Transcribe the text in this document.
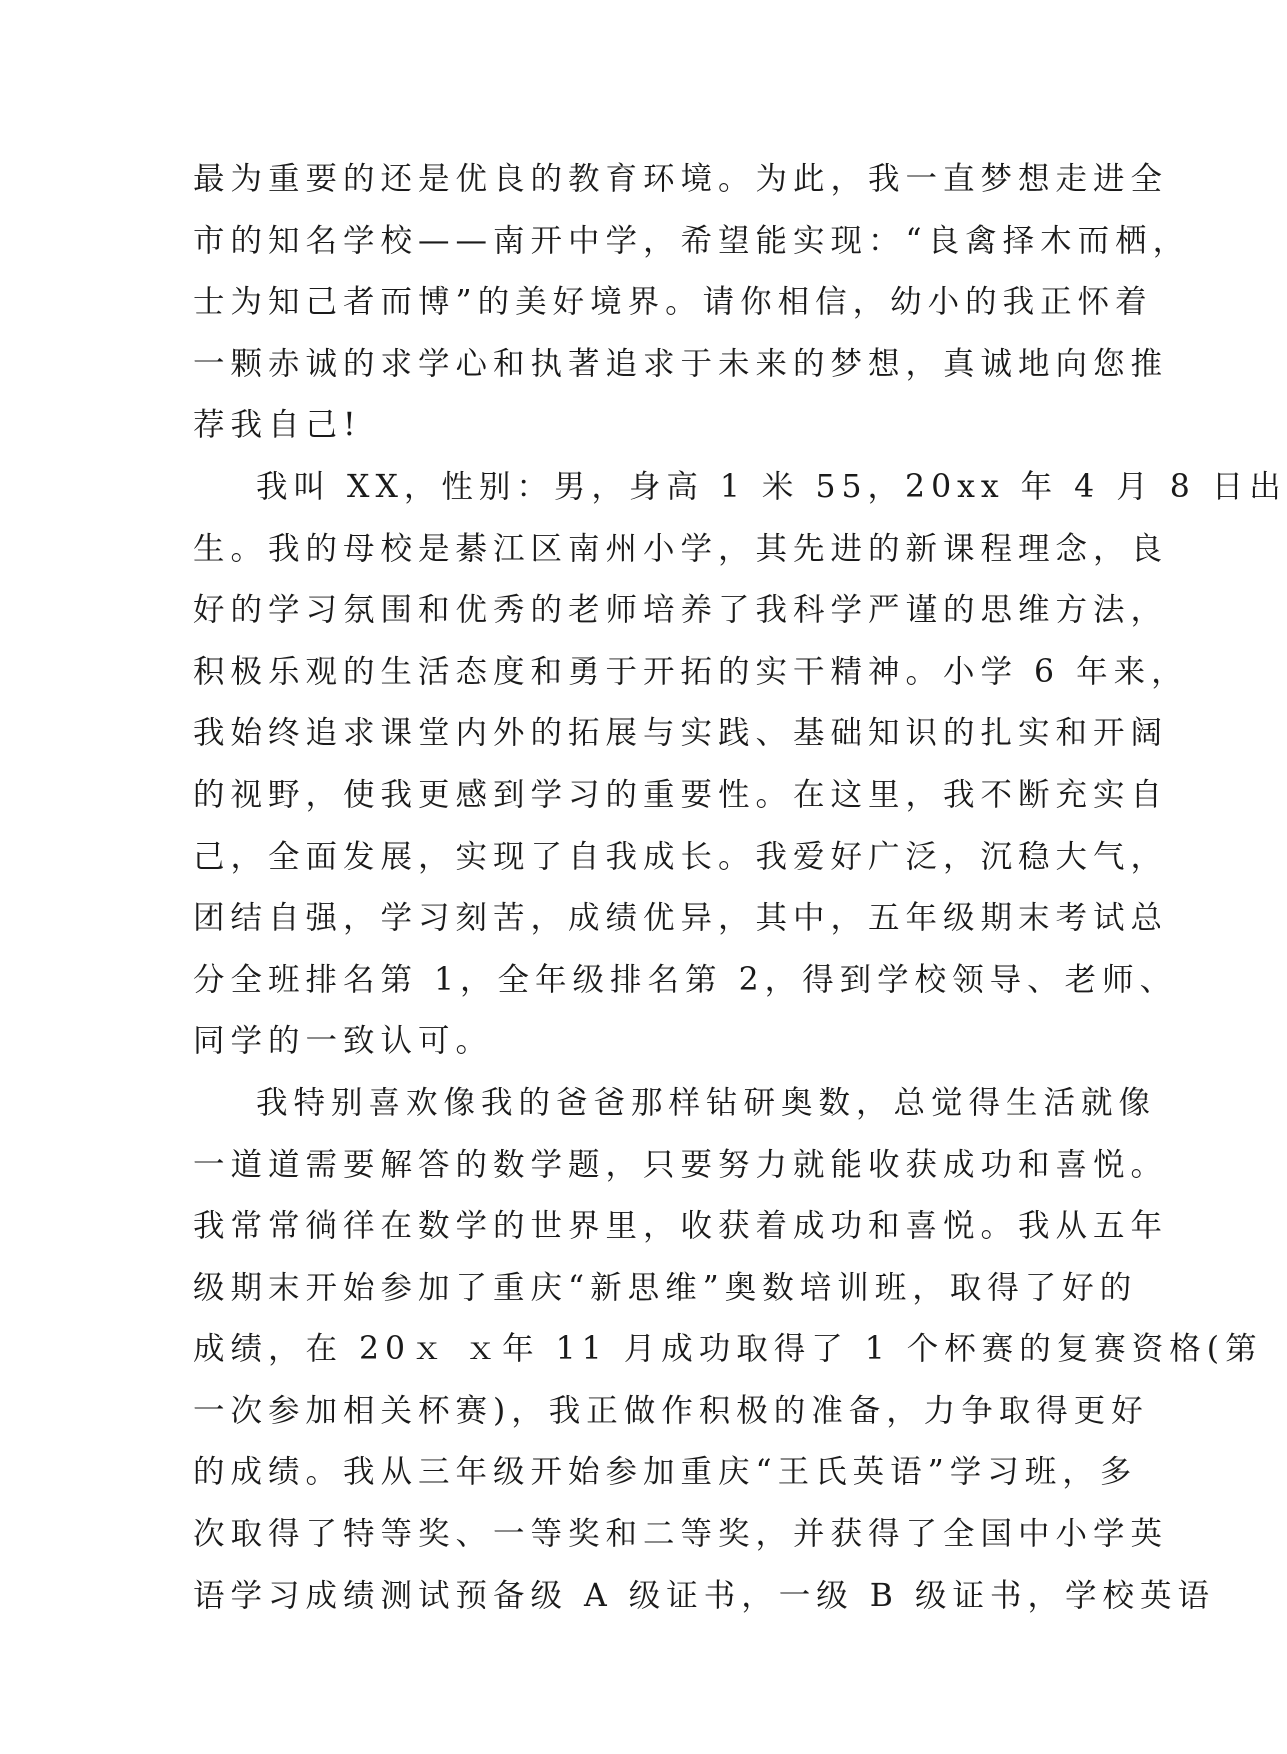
最为重要的还是优良的教育环境。为此，我一直梦想走进全
市的知名学校——南开中学，希望能实现：“良禽择木而栖，
士为知己者而博”的美好境界。请你相信，幼小的我正怀着
一颗赤诚的求学心和执著追求于未来的梦想，真诚地向您推
荐我自己!
我叫 XX，性别：男，身高 1 米 55，20xx 年 4 月 8 日出
生。我的母校是綦江区南州小学，其先进的新课程理念，良
好的学习氛围和优秀的老师培养了我科学严谨的思维方法，
积极乐观的生活态度和勇于开拓的实干精神。小学 6 年来，
我始终追求课堂内外的拓展与实践、基础知识的扎实和开阔
的视野，使我更感到学习的重要性。在这里，我不断充实自
己，全面发展，实现了自我成长。我爱好广泛，沉稳大气，
团结自强，学习刻苦，成绩优异，其中，五年级期末考试总
分全班排名第 1，全年级排名第 2，得到学校领导、老师、
同学的一致认可。
我特别喜欢像我的爸爸那样钻研奥数，总觉得生活就像
一道道需要解答的数学题，只要努力就能收获成功和喜悦。
我常常徜徉在数学的世界里，收获着成功和喜悦。我从五年
级期末开始参加了重庆“新思维”奥数培训班，取得了好的
成绩，在 20ｘ ｘ年 11 月成功取得了 1 个杯赛的复赛资格(第
一次参加相关杯赛)，我正做作积极的准备，力争取得更好
的成绩。我从三年级开始参加重庆“王氏英语”学习班，多
次取得了特等奖、一等奖和二等奖，并获得了全国中小学英
语学习成绩测试预备级 A 级证书，一级 B 级证书，学校英语
